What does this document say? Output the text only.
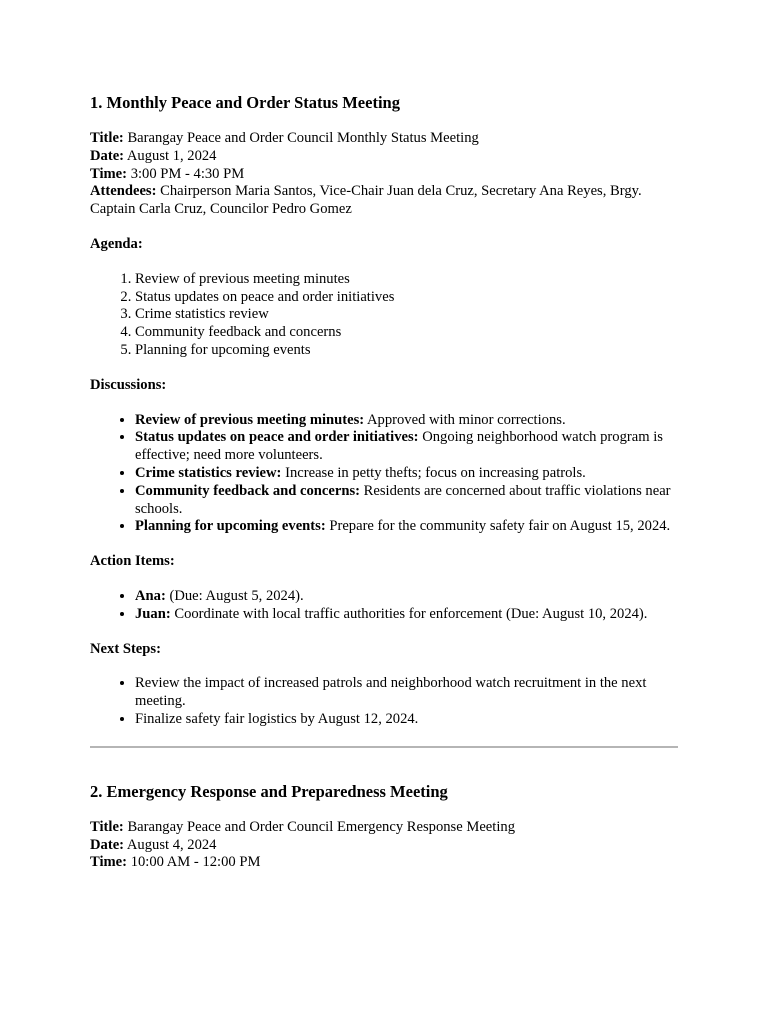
1. Monthly Peace and Order Status Meeting

Title: Barangay Peace and Order Council Monthly Status Meeting
Date: August 1, 2024
Time: 3:00 PM - 4:30 PM
Attendees: Chairperson Maria Santos, Vice-Chair Juan dela Cruz, Secretary Ana Reyes, Brgy. Captain Carla Cruz, Councilor Pedro Gomez

Agenda:

1. Review of previous meeting minutes
2. Status updates on peace and order initiatives
3. Crime statistics review
4. Community feedback and concerns
5. Planning for upcoming events

Discussions:

• Review of previous meeting minutes: Approved with minor corrections.
• Status updates on peace and order initiatives: Ongoing neighborhood watch program is effective; need more volunteers.
• Crime statistics review: Increase in petty thefts; focus on increasing patrols.
• Community feedback and concerns: Residents are concerned about traffic violations near schools.
• Planning for upcoming events: Prepare for the community safety fair on August 15, 2024.

Action Items:

• Ana: (Due: August 5, 2024).
• Juan: Coordinate with local traffic authorities for enforcement (Due: August 10, 2024).

Next Steps:

• Review the impact of increased patrols and neighborhood watch recruitment in the next meeting.
• Finalize safety fair logistics by August 12, 2024.
2. Emergency Response and Preparedness Meeting

Title: Barangay Peace and Order Council Emergency Response Meeting
Date: August 4, 2024
Time: 10:00 AM - 12:00 PM
